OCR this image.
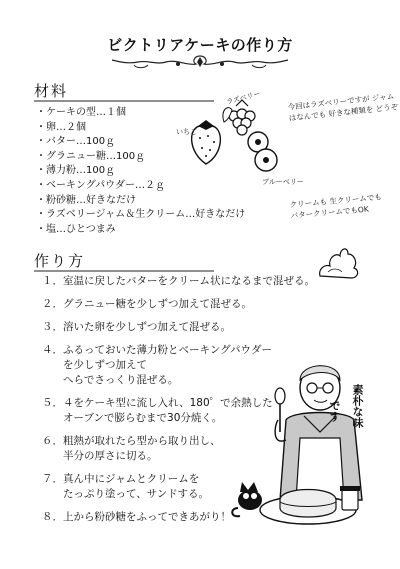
ビクトリアケーキの作り方
材料
・ケーキの型…１個
・卵…２個
・バター…100ｇ
・グラニュー糖…100ｇ
・薄力粉…100ｇ
・ベーキングパウダー…２ｇ
・粉砂糖…好きなだけ
・ラズベリージャム＆生クリーム…好きなだけ
・塩…ひとつまみ
ラズベリー
いちご
ブルーベリー
今回はラズベリーですが ジャムはなんでも 好きな種類を どうぞ
クリームも 生クリームでも バタークリームでもOK
作り方
１．室温に戻したバターをクリーム状になるまで混ぜる。
２．グラニュー糖を少しずつ加えて混ぜる。
３．溶いた卵を少しずつ加えて混ぜる。
４．ふるっておいた薄力粉とベーキングパウダー
　　を少しずつ加えて
　　へらでさっくり混ぜる。
５．４をケーキ型に流し入れ、180゜で余熱した
　　オーブンで膨らむまで30分焼く。
６．粗熱が取れたら型から取り出し、
　　半分の厚さに切る。
７．真ん中にジャムとクリームを
　　たっぷり塗って、サンドする。
８．上から粉砂糖をふってできあがり！
素朴な味
です
